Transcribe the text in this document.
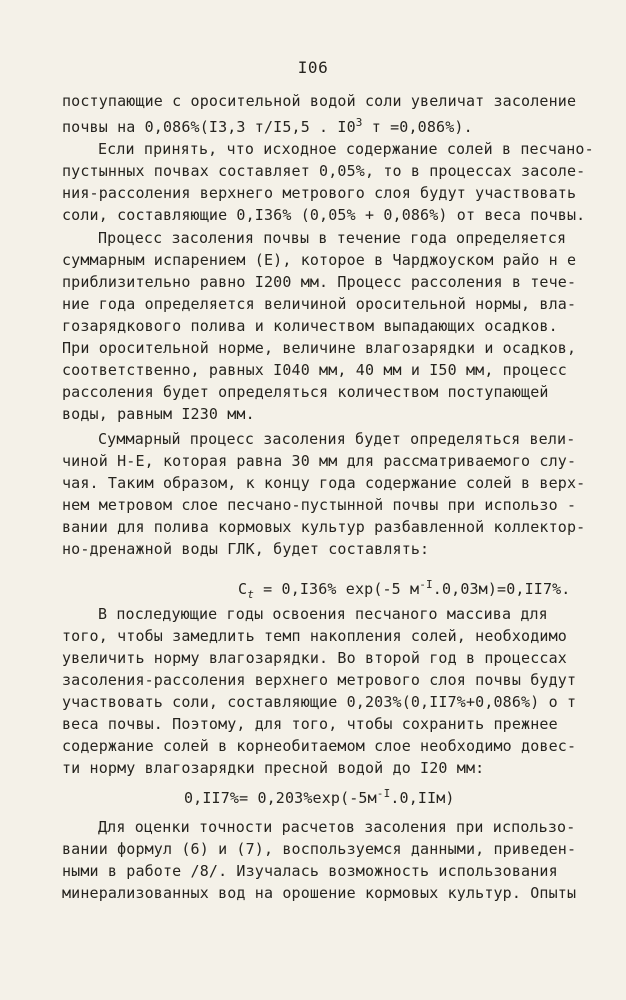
I06
поступающие с оросительной водой соли увеличат засоление
почвы на 0,086%(I3,3 т/I5,5 . $I0^3$ т =0,086%).
Если принять, что исходное содержание солей в песчано-
пустынных почвах составляет 0,05%, то в процессах засоле-
ния-рассоления верхнего метрового слоя будут участвовать
соли, составляющие 0,I36% (0,05% + 0,086%) от веса почвы.
Процесс засоления почвы в течение года определяется
суммарным испарением (Е), которое в Чарджоуском райо н е
приблизительно равно I200 мм. Процесс рассоления в тече-
ние года определяется величиной оросительной нормы, вла-
гозарядкового полива и количеством выпадающих осадков.
При оросительной норме, величине влагозарядки и осадков,
соответственно, равных I040 мм, 40 мм и I50 мм, процесс
рассоления будет определяться количеством поступающей
воды, равным I230 мм.
Суммарный процесс засоления будет определяться вели-
чиной Н-Е, которая равна 30 мм для рассматриваемого слу-
чая. Таким образом, к концу года содержание солей в верх-
нем метровом слое песчано-пустынной почвы при использо -
вании для полива кормовых культур разбавленной коллектор-
но-дренажной воды ГЛК, будет составлять:
$С_t = 0,I36\%$ exp(-5 $м^{-I}.0,03м)=0,II7\%$.
В последующие годы освоения песчаного массива для
того, чтобы замедлить темп накопления солей, необходимо
увеличить норму влагозарядки. Во второй год в процессах
засоления-рассоления верхнего метрового слоя почвы будут
участвовать соли, составляющие 0,203%(0,II7%+0,086%) о т
веса почвы. Поэтому, для того, чтобы сохранить прежнее
содержание солей в корнеобитаемом слое необходимо довес-
ти норму влагозарядки пресной водой до I20 мм:
$0,II7\%= 0,203\%\exp(-5м^{-I}.0,IIм)$
Для оценки точности расчетов засоления при использо-
вании формул (6) и (7), воспользуемся данными, приведен-
ными в работе /8/. Изучалась возможность использования
минерализованных вод на орошение кормовых культур. Опыты
